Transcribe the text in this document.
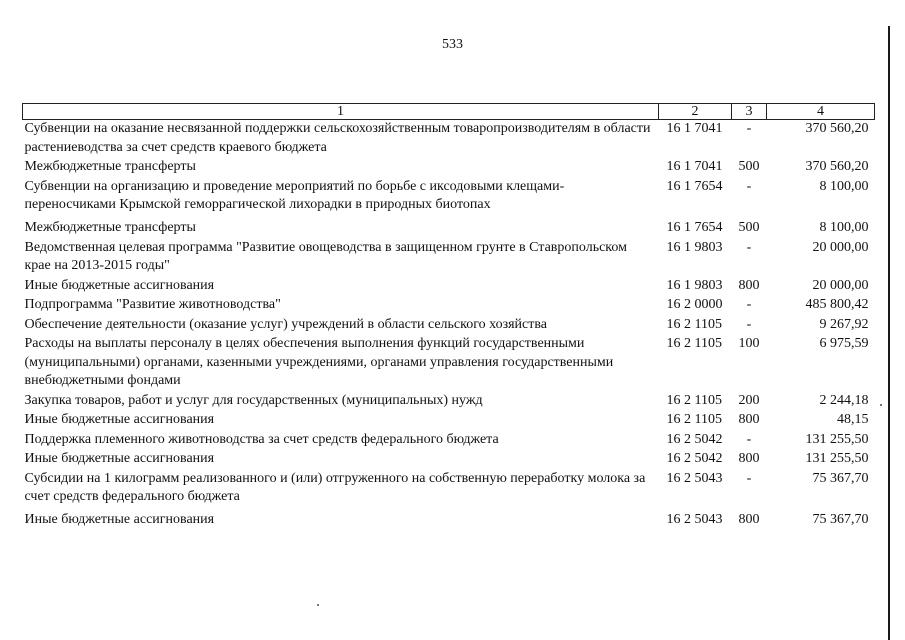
533
1	2	3	4
Субвенции на оказание несвязанной поддержки сельскохозяйственным товаропроизводителям в области растениеводства за счет средств краевого бюджета	16 1 7041	-	370 560,20
Межбюджетные трансферты	16 1 7041	500	370 560,20
Субвенции на организацию и проведение мероприятий по борьбе с иксодовыми клещами-переносчиками Крымской геморрагической лихорадки в природных биотопах	16 1 7654	-	8 100,00
Межбюджетные трансферты	16 1 7654	500	8 100,00
Ведомственная целевая программа "Развитие овощеводства в защищенном грунте в Ставропольском крае на 2013-2015 годы"	16 1 9803	-	20 000,00
Иные бюджетные ассигнования	16 1 9803	800	20 000,00
Подпрограмма "Развитие животноводства"	16 2 0000	-	485 800,42
Обеспечение деятельности (оказание услуг) учреждений в области сельского хозяйства	16 2 1105	-	9 267,92
Расходы на выплаты персоналу в целях обеспечения выполнения функций государственными (муниципальными) органами, казенными учреждениями, органами управления государственными внебюджетными фондами	16 2 1105	100	6 975,59
Закупка товаров, работ и услуг для государственных (муниципальных) нужд	16 2 1105	200	2 244,18
Иные бюджетные ассигнования	16 2 1105	800	48,15
Поддержка племенного животноводства за счет средств федерального бюджета	16 2 5042	-	131 255,50
Иные бюджетные ассигнования	16 2 5042	800	131 255,50
Субсидии на 1 килограмм реализованного и (или) отгруженного на собственную переработку молока за счет средств федерального бюджета	16 2 5043	-	75 367,70
Иные бюджетные ассигнования	16 2 5043	800	75 367,70
